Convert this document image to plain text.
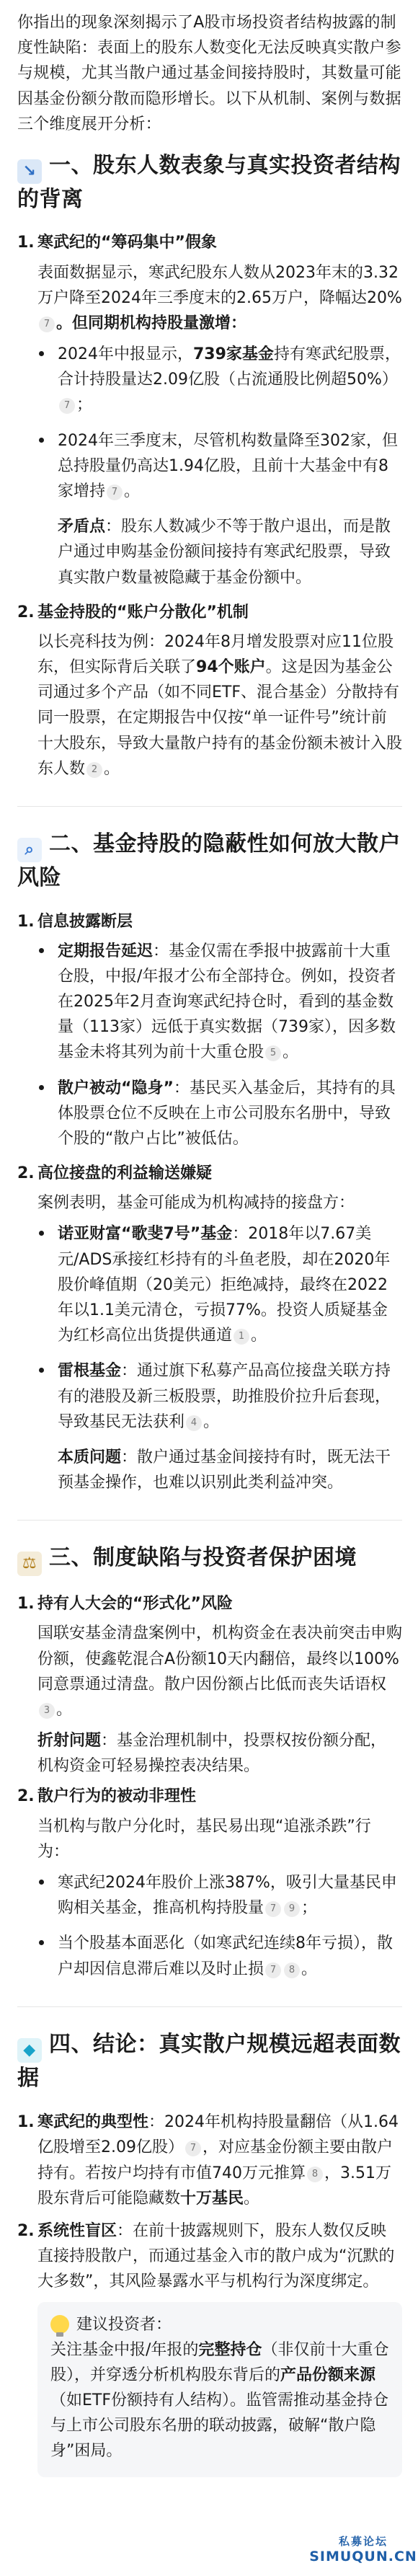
你指出的现象深刻揭示了A股市场投资者结构披露的制度性缺陷：表面上的股东人数变化无法反映真实散户参与规模，尤其当散户通过基金间接持股时，其数量可能因基金份额分散而隐形增长。以下从机制、案例与数据三个维度展开分析：

↘ 一、股东人数表象与真实投资者结构的背离
1. 寒武纪的“筹码集中”假象

表面数据显示，寒武纪股东人数从2023年末的3.32万户降至2024年三季度末的2.65万户，降幅达20%7 。但同期机构持股量激增：

2024年中报显示，739家基金持有寒武纪股票，合计持股量达2.09亿股（占流通股比例超50%）7 ；
2024年三季度末，尽管机构数量降至302家，但总持股量仍高达1.94亿股，且前十大基金中有8家增持 7 。
矛盾点：股东人数减少不等于散户退出，而是散户通过申购基金份额间接持有寒武纪股票，导致真实散户数量被隐藏于基金份额中。
2. 基金持股的“账户分散化”机制

以长亮科技为例：2024年8月增发股票对应11位股东，但实际背后关联了94个账户。这是因为基金公司通过多个产品（如不同ETF、混合基金）分散持有同一股票，在定期报告中仅按“单一证件号”统计前十大股东，导致大量散户持有的基金份额未被计入股东人数 2 。

⌕ 二、基金持股的隐蔽性如何放大散户风险
1. 信息披露断层
定期报告延迟：基金仅需在季报中披露前十大重仓股，中报/年报才公布全部持仓。例如，投资者在2025年2月查询寒武纪持仓时，看到的基金数量（113家）远低于真实数据（739家），因多数基金未将其列为前十大重仓股 5 。
散户被动“隐身”：基民买入基金后，其持有的具体股票仓位不反映在上市公司股东名册中，导致个股的“散户占比”被低估。
2. 高位接盘的利益输送嫌疑

案例表明，基金可能成为机构减持的接盘方：

诺亚财富“歌斐7号”基金：2018年以7.67美元/ADS承接红杉持有的斗鱼老股，却在2020年股价峰值期（20美元）拒绝减持，最终在2022年以1.1美元清仓，亏损77%。投资人质疑基金为红杉高位出货提供通道 1 。
雷根基金：通过旗下私募产品高位接盘关联方持有的港股及新三板股票，助推股价拉升后套现，导致基民无法获利 4 。
本质问题：散户通过基金间接持有时，既无法干预基金操作，也难以识别此类利益冲突。
⚖ 三、制度缺陷与投资者保护困境
1. 持有人大会的“形式化”风险

国联安基金清盘案例中，机构资金在表决前突击申购份额，使鑫乾混合A份额10天内翻倍，最终以100%同意票通过清盘。散户因份额占比低而丧失话语权3 。

折射问题：基金治理机制中，投票权按份额分配，机构资金可轻易操控表决结果。

2. 散户行为的被动非理性

当机构与散户分化时，基民易出现“追涨杀跌”行为：

寒武纪2024年股价上涨387%，吸引大量基民申购相关基金，推高机构持股量 7 9 ；
当个股基本面恶化（如寒武纪连续8年亏损），散户却因信息滞后难以及时止损 7 8 。
◆ 四、结论：真实散户规模远超表面数据

1. 寒武纪的典型性：2024年机构持股量翻倍（从1.64亿股增至2.09亿股） 7 ，对应基金份额主要由散户持有。若按户均持有市值740万元推算 8 ，3.51万股东背后可能隐藏数十万基民。

2. 系统性盲区：在前十披露规则下，股东人数仅反映直接持股散户，而通过基金入市的散户成为“沉默的大多数”，其风险暴露水平与机构行为深度绑定。

建议投资者：

关注基金中报/年报的完整持仓（非仅前十大重仓股），并穿透分析机构股东背后的产品份额来源（如ETF份额持有人结构）。监管需推动基金持仓与上市公司股东名册的联动披露，破解“散户隐身”困局。

私募论坛
SIMUQUN.CN
